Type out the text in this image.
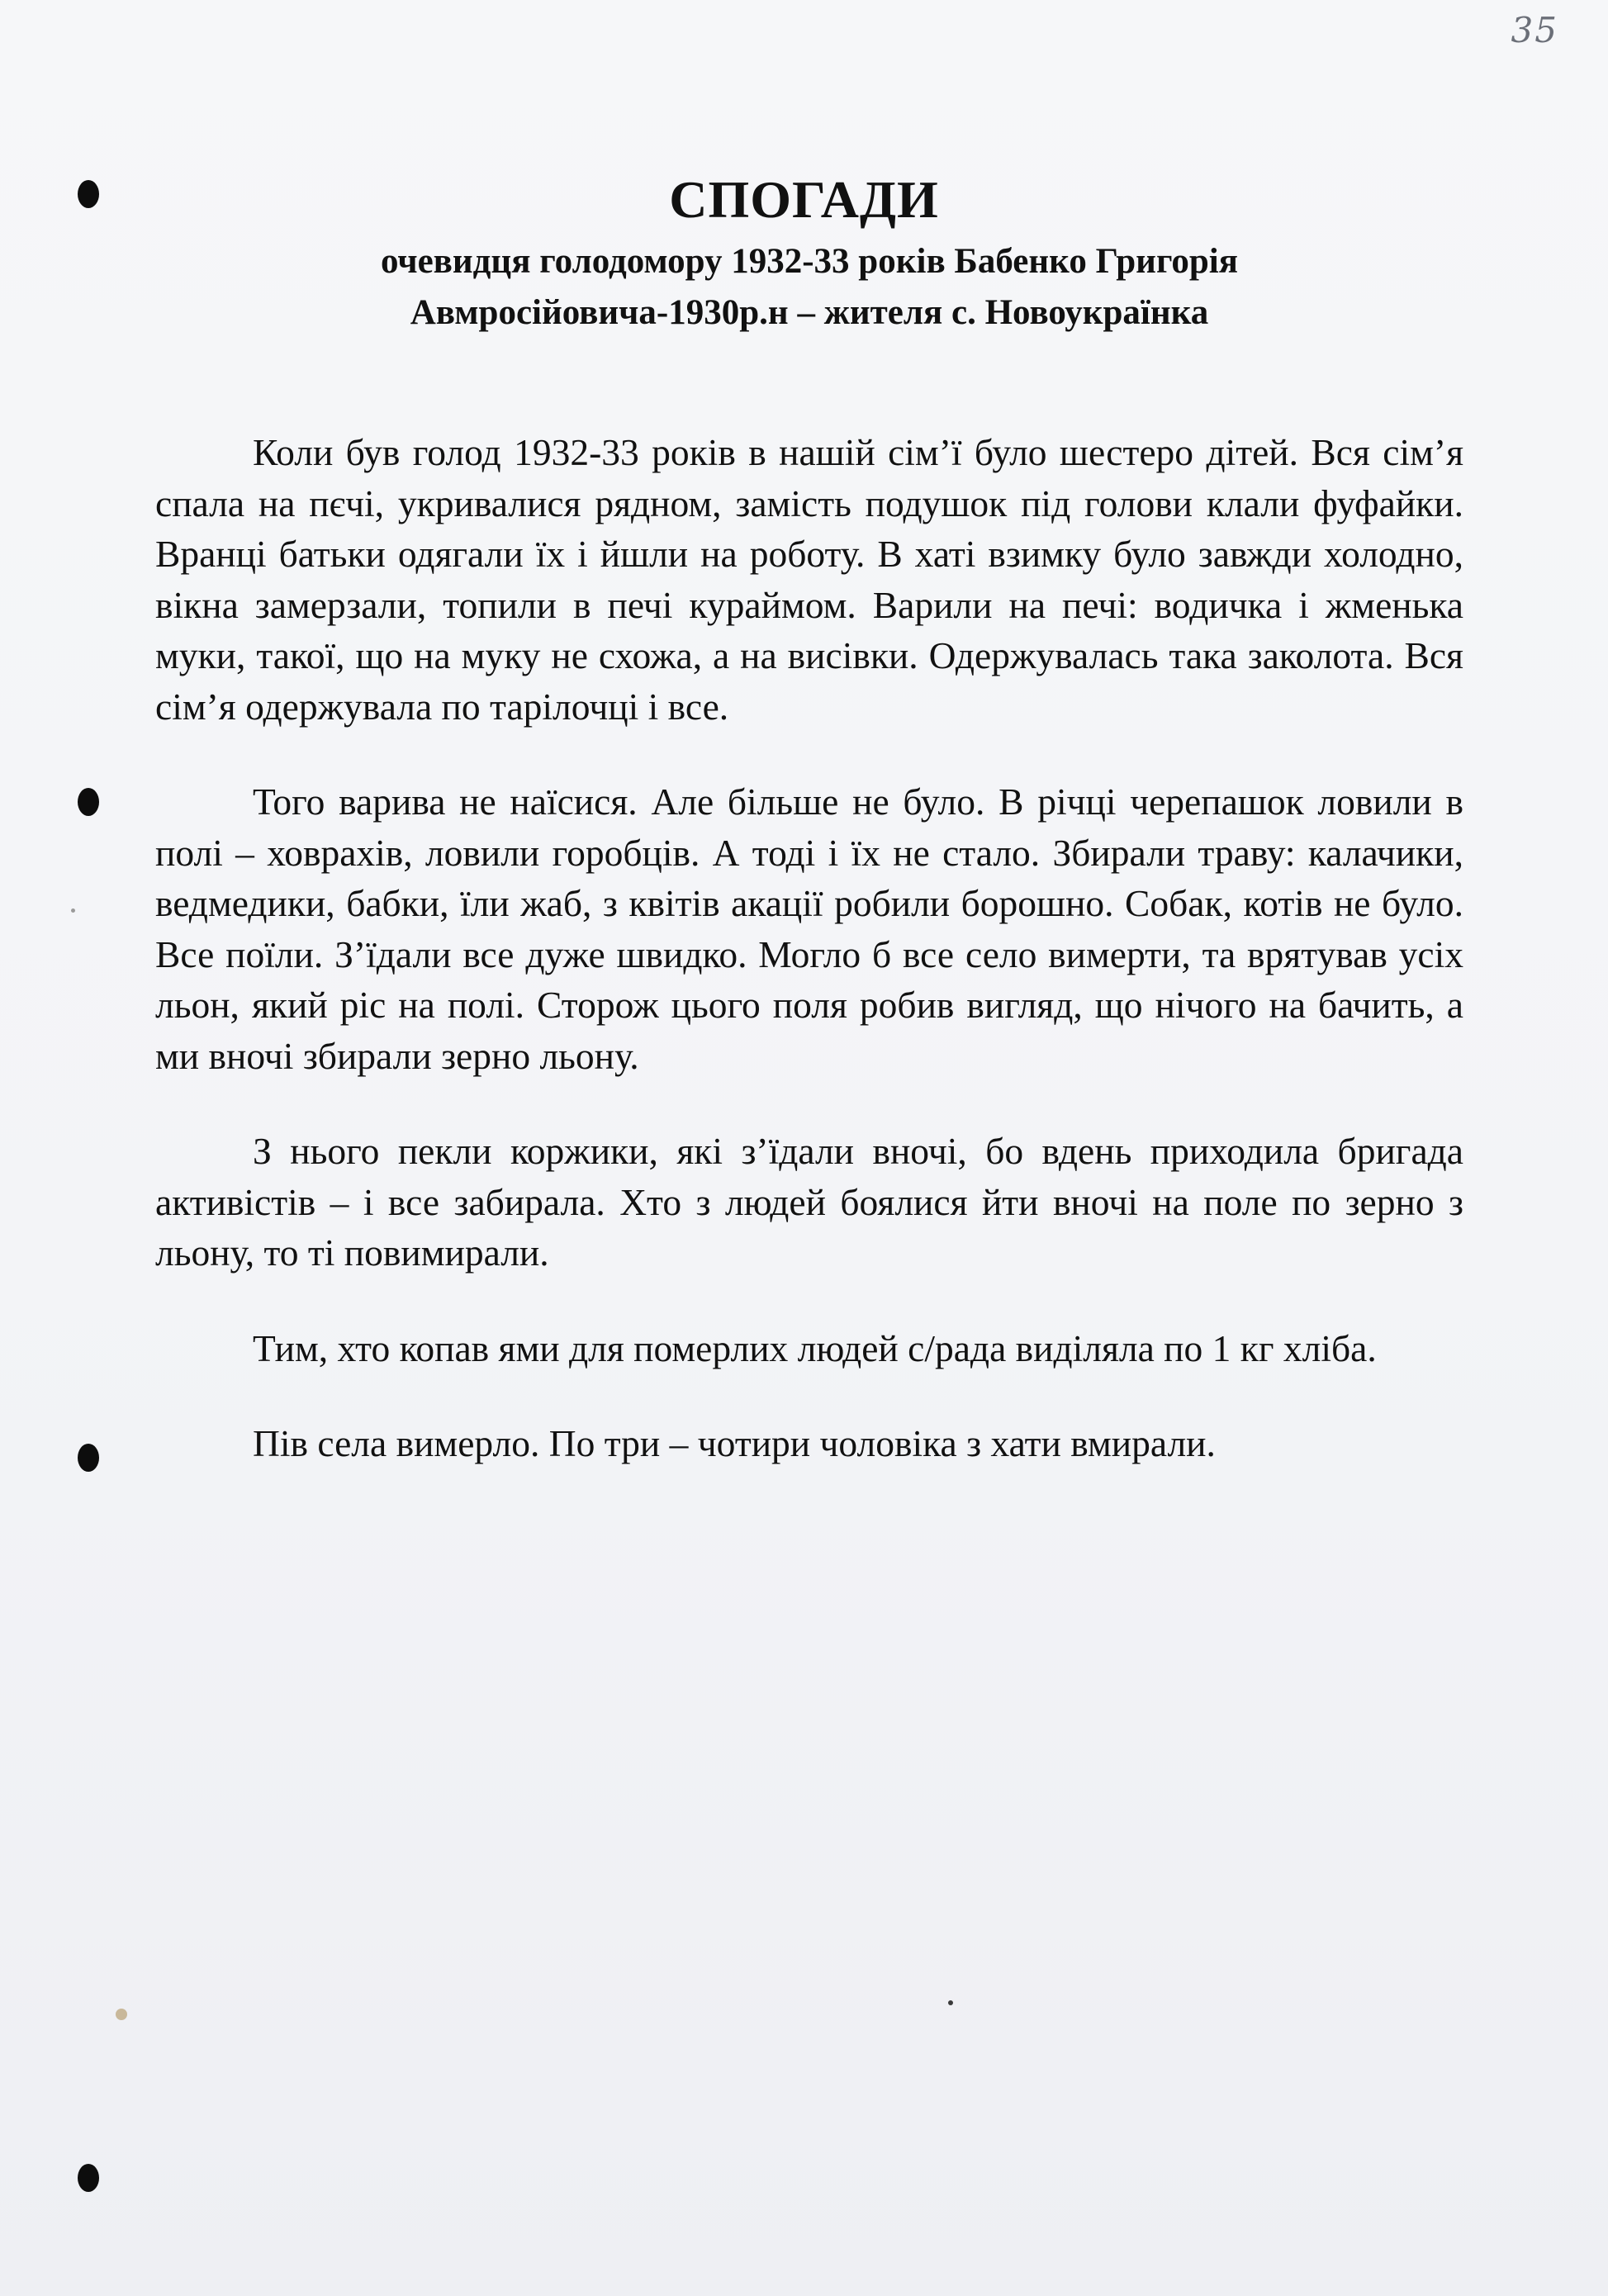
35
СПОГАДИ

очевидця голодомору 1932-33 років Бабенко Григорія Авмросійовича-1930р.н – жителя с. Новоукраїнка

Коли був голод 1932-33 років в нашій сім’ї було шестеро дітей. Вся сім’я спала на пєчі, укривалися рядном, замість подушок під голови клали фуфайки. Вранці батьки одягали їх і йшли на роботу. В хаті взимку було завжди холодно, вікна замерзали, топили в печі кураймом. Варили на печі: водичка і жменька муки, такої, що на муку не схожа, а на висівки. Одержувалась така заколота. Вся сім’я одержувала по тарілочці і все.

Того варива не наїсися. Але більше не було. В річці черепашок ловили в полі – ховрахів, ловили горобців. А тоді і їх не стало. Збирали траву: калачики, ведмедики, бабки, їли жаб, з квітів акації робили борошно. Собак, котів не було. Все поїли. З’їдали все дуже швидко. Могло б все село вимерти, та врятував усіх льон, який ріс на полі. Сторож цього поля робив вигляд, що нічого на бачить, а ми вночі збирали зерно льону.

З нього пекли коржики, які з’їдали вночі, бо вдень приходила бригада активістів – і все забирала. Хто з людей боялися йти вночі на поле по зерно з льону, то ті повимирали.

Тим, хто копав ями для померлих людей с/рада виділяла по 1 кг хліба.

Пів села вимерло. По три – чотири чоловіка з хати вмирали.
